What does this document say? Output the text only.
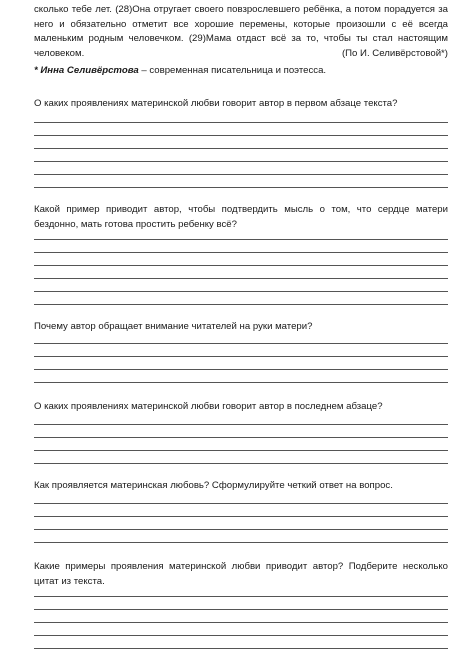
сколько тебе лет. (28)Она отругает своего повзрослевшего ребёнка, а потом порадуется за него и обязательно отметит все хорошие перемены, которые произошли с её всегда маленьким родным человечком. (29)Мама отдаст всё за то, чтобы ты стал настоящим человеком.	(По И. Селивёрстовой*)

* Инна Селивёрстова – современная писательница и поэтесса.

О каких проявлениях материнской любви говорит автор в первом абзаце текста?

Какой пример приводит автор, чтобы подтвердить мысль о том, что сердце матери бездонно, мать готова простить ребенку всё?

Почему автор обращает внимание читателей на руки матери?

О каких проявлениях материнской любви говорит автор в последнем абзаце?

Как проявляется материнская любовь? Сформулируйте четкий ответ на вопрос.

Какие примеры проявления материнской любви приводит автор? Подберите несколько цитат из текста.
